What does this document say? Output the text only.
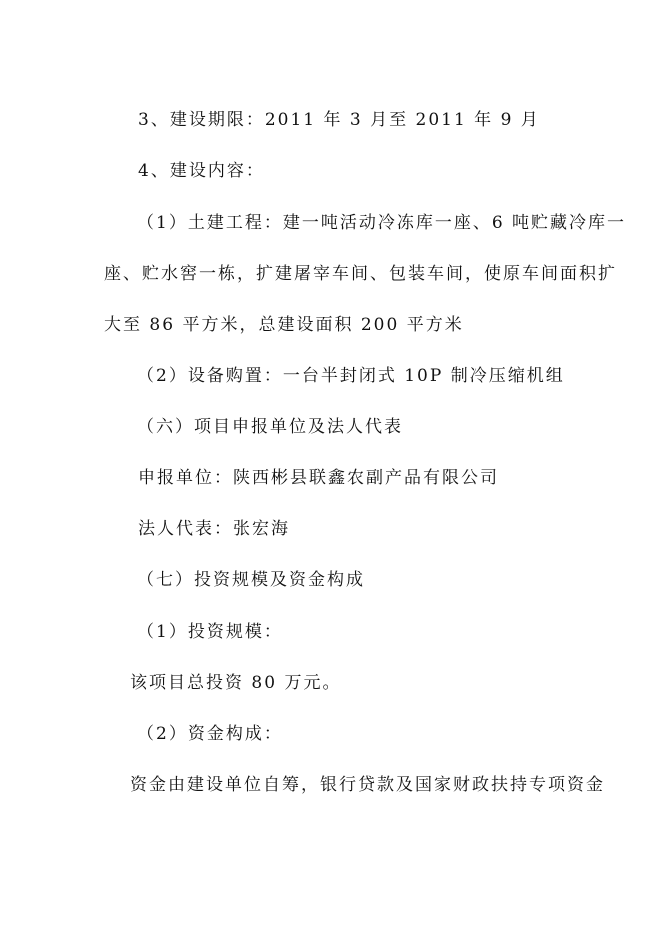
3、建设期限：2011 年 3 月至 2011 年 9 月

4、建设内容：

（1）土建工程：建一吨活动冷冻库一座、6 吨贮藏冷库一

座、贮水窖一栋，扩建屠宰车间、包装车间，使原车间面积扩

大至 86 平方米，总建设面积 200 平方米

（2）设备购置：一台半封闭式 10P 制冷压缩机组

（六）项目申报单位及法人代表

申报单位：陕西彬县联鑫农副产品有限公司

法人代表：张宏海

（七）投资规模及资金构成

（1）投资规模：

该项目总投资 80 万元。

（2）资金构成：

资金由建设单位自筹，银行贷款及国家财政扶持专项资金
